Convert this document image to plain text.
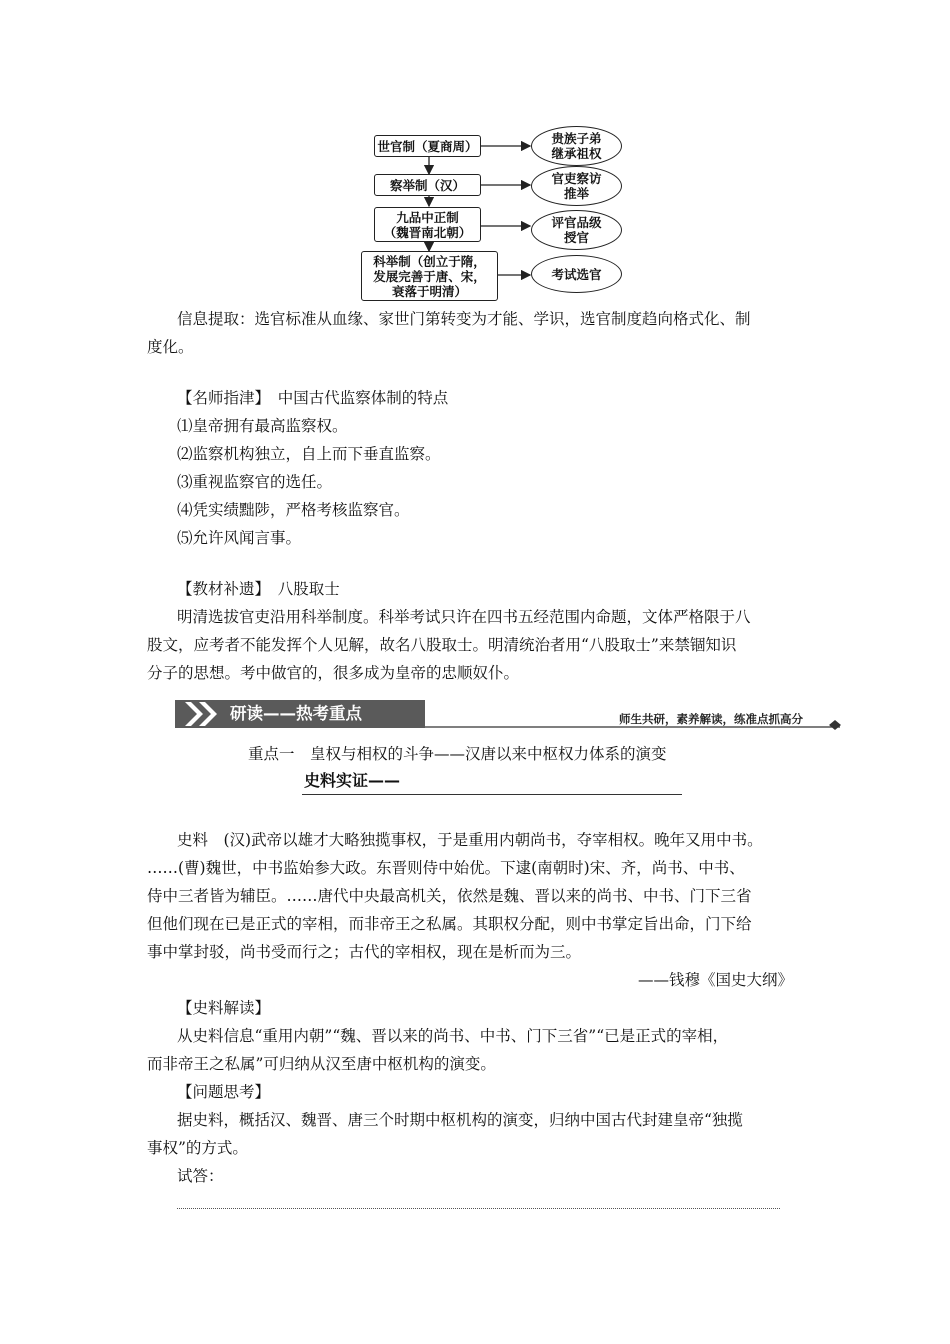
世官制（夏商周）
察举制（汉）
九品中正制
（魏晋南北朝）
科举制（创立于隋，
发展完善于唐、宋，
衰落于明清）
贵族子弟
继承祖权
官吏察访
推举
评官品级
授官
考试选官
信息提取：选官标准从血缘、家世门第转变为才能、学识，选官制度趋向格式化、制
度化。
【名师指津】　中国古代监察体制的特点
⑴皇帝拥有最高监察权。
⑵监察机构独立，自上而下垂直监察。
⑶重视监察官的选任。
⑷凭实绩黜陟，严格考核监察官。
⑸允许风闻言事。
【教材补遗】　八股取士
明清选拔官吏沿用科举制度。科举考试只许在四书五经范围内命题，文体严格限于八
股文，应考者不能发挥个人见解，故名八股取士。明清统治者用“八股取士”来禁锢知识
分子的思想。考中做官的，很多成为皇帝的忠顺奴仆。
研读——热考重点	师生共研，素养解读，练准点抓高分
重点一　皇权与相权的斗争——汉唐以来中枢权力体系的演变
史料实证——
史料　(汉)武帝以雄才大略独揽事权，于是重用内朝尚书，夺宰相权。晚年又用中书。
……(曹)魏世，中书监始参大政。东晋则侍中始优。下逮(南朝时)宋、齐，尚书、中书、
侍中三者皆为辅臣。……唐代中央最高机关，依然是魏、晋以来的尚书、中书、门下三省
但他们现在已是正式的宰相，而非帝王之私属。其职权分配，则中书掌定旨出命，门下给
事中掌封驳，尚书受而行之；古代的宰相权，现在是析而为三。
——钱穆《国史大纲》
【史料解读】
从史料信息“重用内朝”“魏、晋以来的尚书、中书、门下三省”“已是正式的宰相，
而非帝王之私属”可归纳从汉至唐中枢机构的演变。
【问题思考】
据史料，概括汉、魏晋、唐三个时期中枢机构的演变，归纳中国古代封建皇帝“独揽
事权”的方式。
试答：
